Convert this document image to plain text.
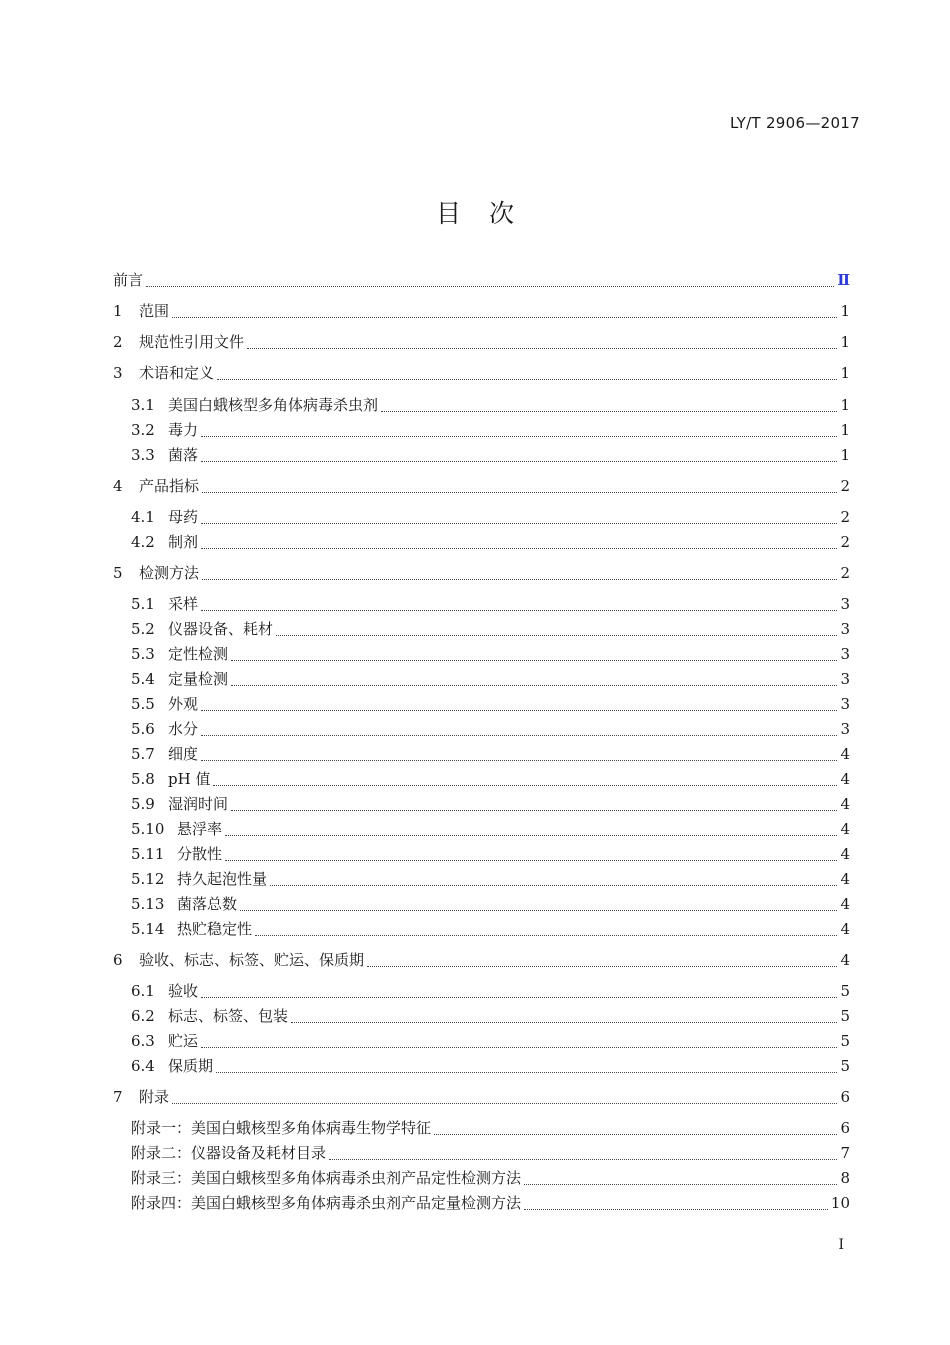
LY/T 2906—2017
目次
前言	Ⅱ
1	范围	1
2	规范性引用文件	1
3	术语和定义	1
3.1 美国白蛾核型多角体病毒杀虫剂	1
3.2 毒力	1
3.3 菌落	1
4	产品指标	2
4.1 母药	2
4.2 制剂	2
5	检测方法	2
5.1 采样	3
5.2 仪器设备、耗材	3
5.3 定性检测	3
5.4 定量检测	3
5.5 外观	3
5.6 水分	3
5.7 细度	4
5.8 pH 值	4
5.9 湿润时间	4
5.10 悬浮率	4
5.11 分散性	4
5.12 持久起泡性量	4
5.13 菌落总数	4
5.14 热贮稳定性	4
6	验收、标志、标签、贮运、保质期	4
6.1 验收	5
6.2 标志、标签、包装	5
6.3 贮运	5
6.4 保质期	5
7	附录	6
附录一：美国白蛾核型多角体病毒生物学特征	6
附录二：仪器设备及耗材目录	7
附录三：美国白蛾核型多角体病毒杀虫剂产品定性检测方法	8
附录四：美国白蛾核型多角体病毒杀虫剂产品定量检测方法	10
I
